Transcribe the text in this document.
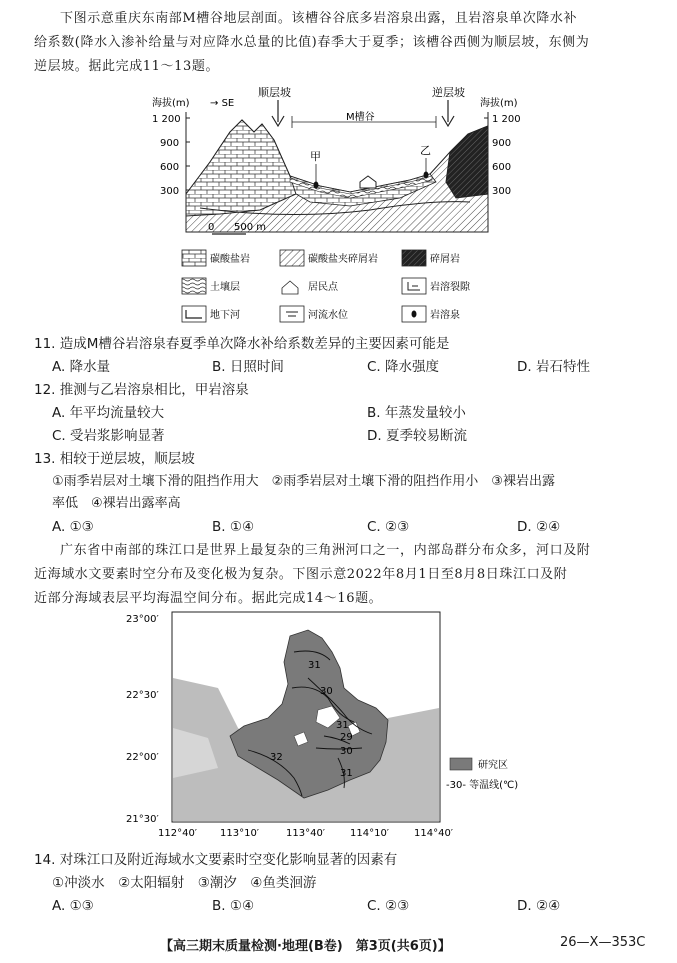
下图示意重庆东南部M槽谷地层剖面。该槽谷谷底多岩溶泉出露，且岩溶泉单次降水补
给系数(降水入渗补给量与对应降水总量的比值)春季大于夏季；该槽谷西侧为顺层坡，东侧为
逆层坡。据此完成11～13题。
海拔(m)	海拔(m)
→ SE
1 200
900
600
300
1 200
900
600
300
顺层坡	逆层坡
M槽谷
甲	乙
0 500 m
碳酸盐岩	碳酸盐夹碎屑岩	碎屑岩
土壤层	居民点	岩溶裂隙
地下河	河流水位	岩溶泉
11. 造成M槽谷岩溶泉春夏季单次降水补给系数差异的主要因素可能是
A. 降水量	B. 日照时间	C. 降水强度	D. 岩石特性
12. 推测与乙岩溶泉相比，甲岩溶泉
A. 年平均流量较大	B. 年蒸发量较小
C. 受岩浆影响显著	D. 夏季较易断流
13. 相较于逆层坡，顺层坡
①雨季岩层对土壤下滑的阻挡作用大　②雨季岩层对土壤下滑的阻挡作用小　③裸岩出露
率低　④裸岩出露率高
A. ①③	B. ①④	C. ②③	D. ②④
广东省中南部的珠江口是世界上最复杂的三角洲河口之一，内部岛群分布众多，河口及附
近海域水文要素时空分布及变化极为复杂。下图示意2022年8月1日至8月8日珠江口及附
近部分海域表层平均海温空间分布。据此完成14～16题。
23°00′
22°30′
22°00′
21°30′
31
30
31
29
30
31
32
研究区
-30- 等温线(℃)
112°40′ 113°10′	113°40′ 114°10′ 114°40′
14. 对珠江口及附近海域水文要素时空变化影响显著的因素有
①冲淡水　②太阳辐射　③潮汐　④鱼类洄游
A. ①③	B. ①④	C. ②③	D. ②④
【高三期末质量检测·地理(B卷)　第3页(共6页)】	26—X—353C
